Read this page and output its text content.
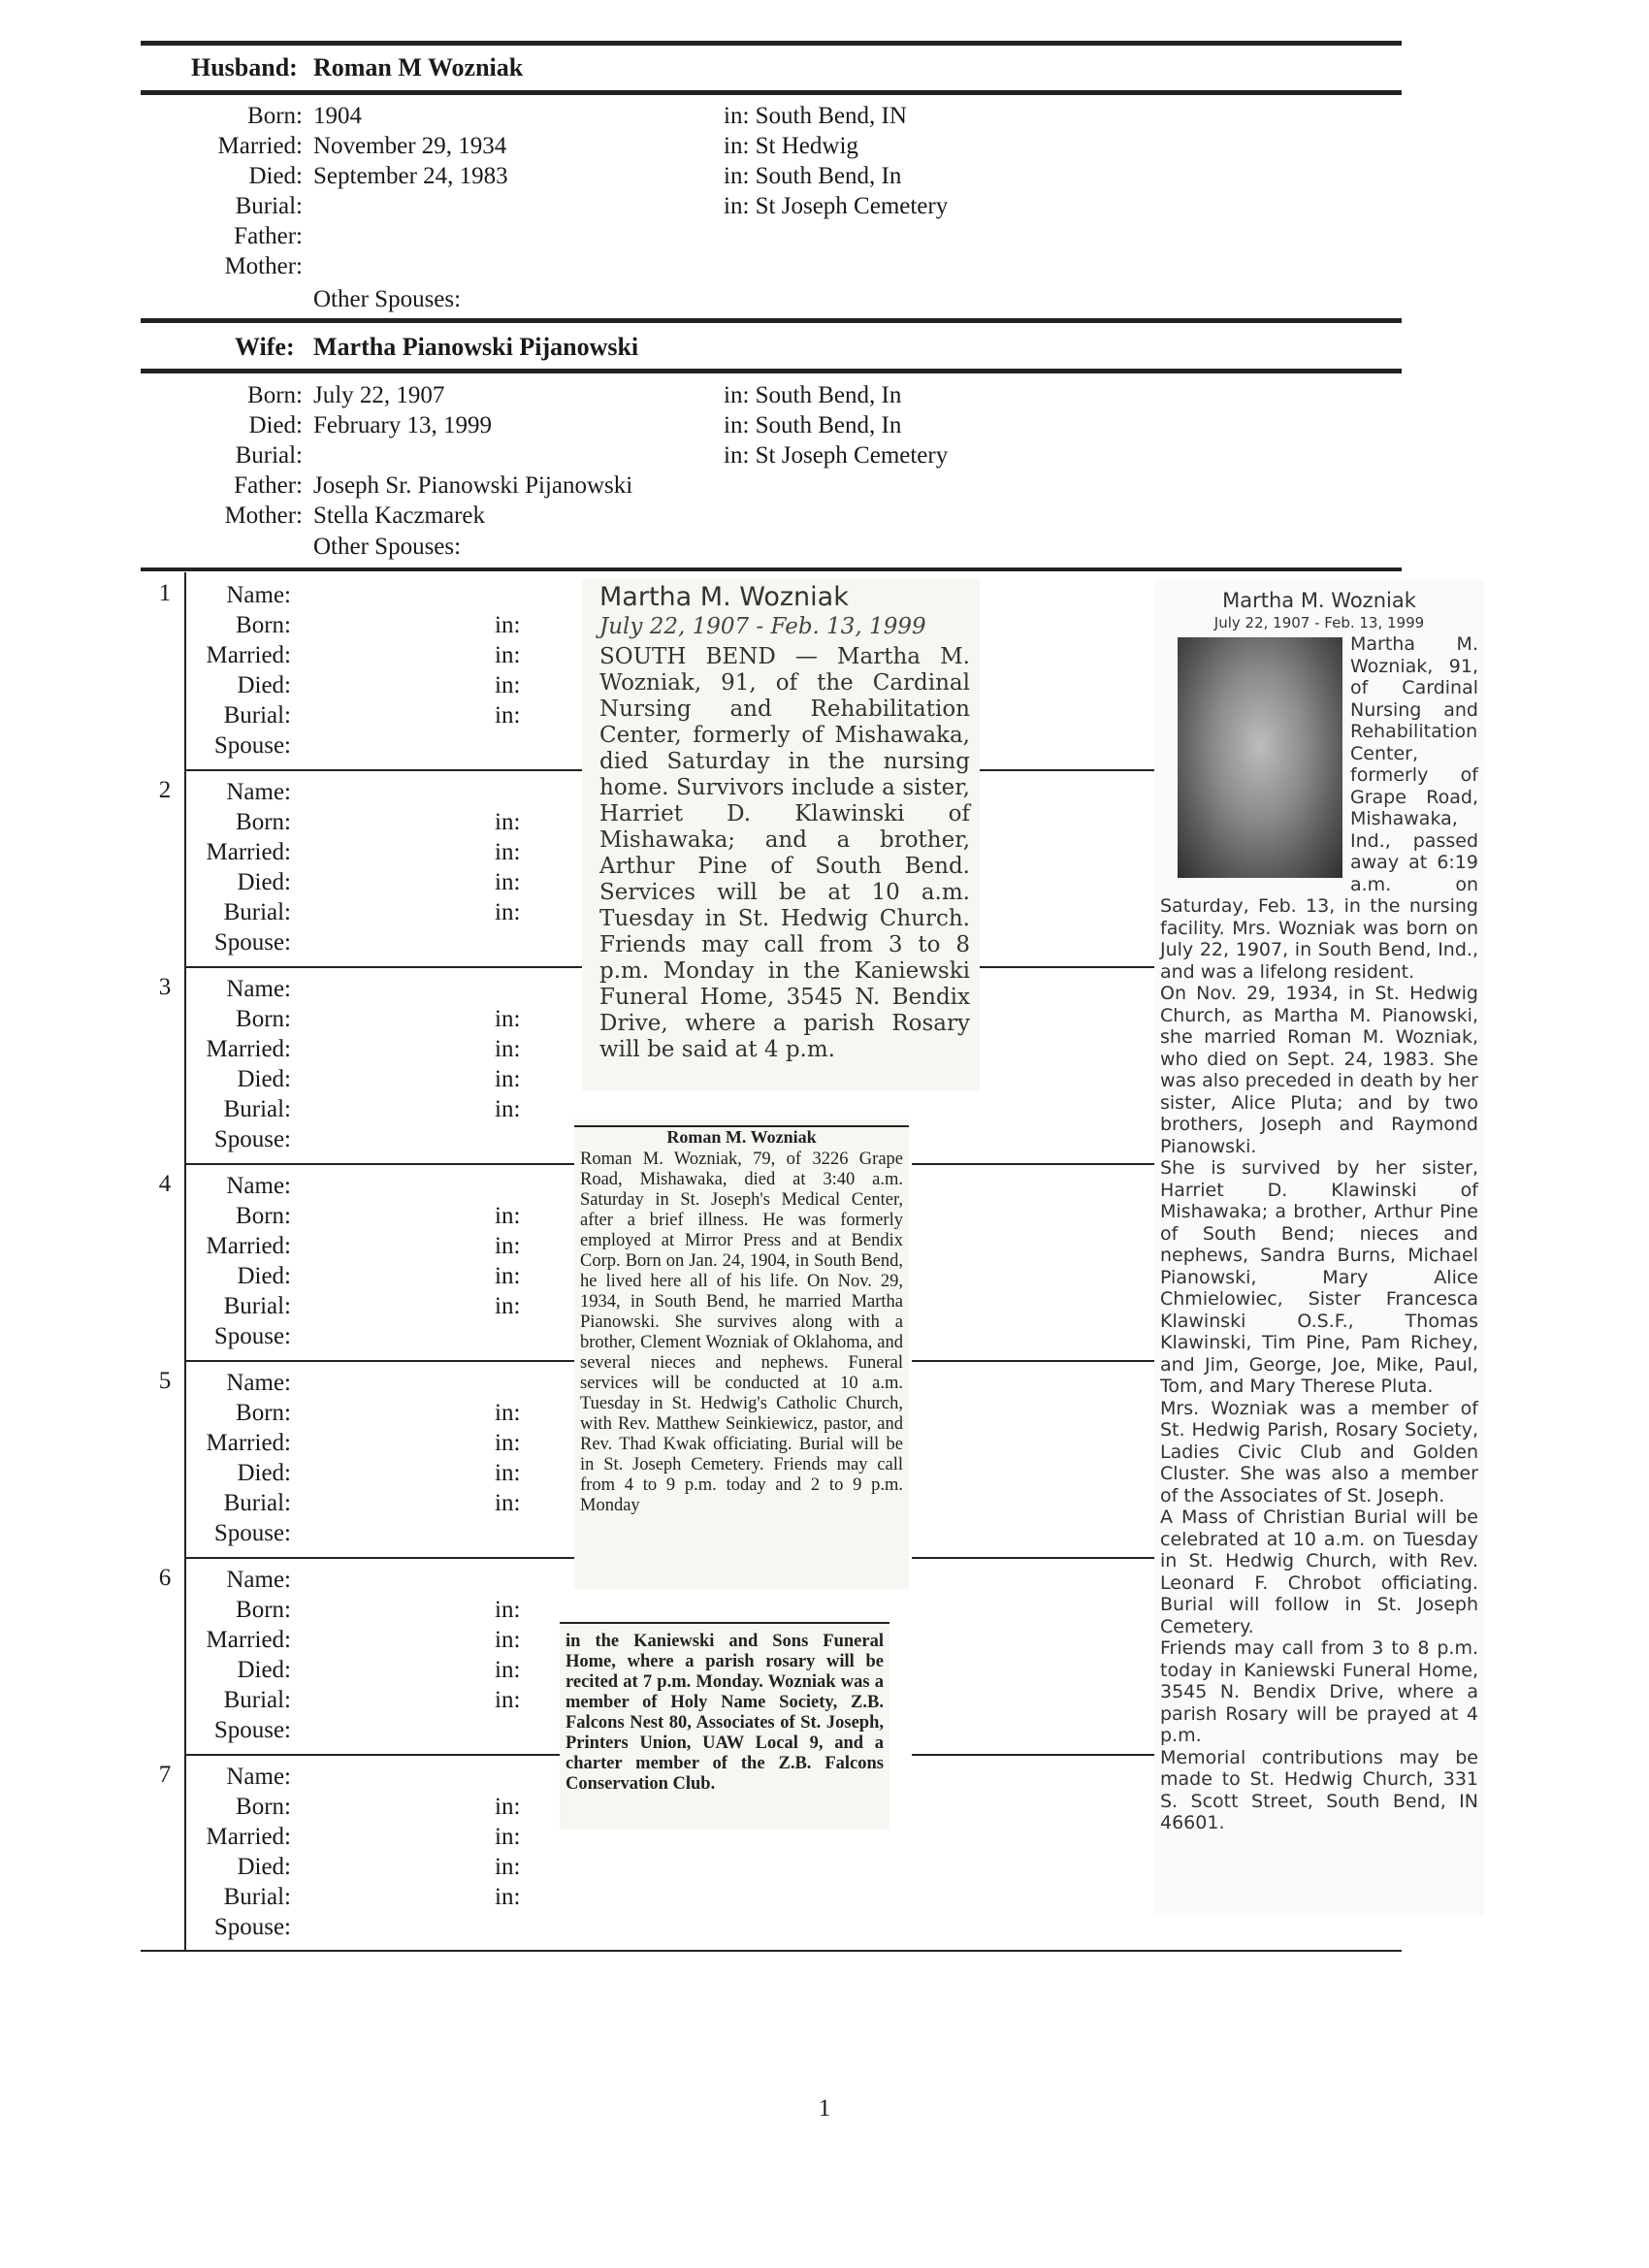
Husband: Roman M Wozniak
Born: 1904	in: South Bend, IN
Married: November 29, 1934	in: St Hedwig
Died: September 24, 1983	in: South Bend, In
Burial:	in: St Joseph Cemetery
Father:
Mother:
Other Spouses:
Wife: Martha Pianowski Pijanowski
Born: July 22, 1907	in: South Bend, In
Died: February 13, 1999	in: South Bend, In
Burial:	in: St Joseph Cemetery
Father: Joseph Sr. Pianowski Pijanowski
Mother: Stella Kaczmarek
Other Spouses:
1	Name:
Born:	in:
Married:	in:
Died:	in:
Burial:	in:
Spouse:
2	Name:
Born:	in:
Married:	in:
Died:	in:
Burial:	in:
Spouse:
3	Name:
Born:	in:
Married:	in:
Died:	in:
Burial:	in:
Spouse:
4	Name:
Born:	in:
Married:	in:
Died:	in:
Burial:	in:
Spouse:
5	Name:
Born:	in:
Married:	in:
Died:	in:
Burial:	in:
Spouse:
6	Name:
Born:	in:
Married:	in:
Died:	in:
Burial:	in:
Spouse:
7	Name:
Born:	in:
Married:	in:
Died:	in:
Burial:	in:
Spouse:
Martha M. Wozniak
July 22, 1907 - Feb. 13, 1999
SOUTH BEND — Martha M. Wozniak, 91, of the Cardinal Nursing and Rehabilitation Center, formerly of Mishawaka, died Saturday in the nursing home. Survivors include a sister, Harriet D. Klawinski of Mishawaka; and a brother, Arthur Pine of South Bend. Services will be at 10 a.m. Tuesday in St. Hedwig Church. Friends may call from 3 to 8 p.m. Monday in the Kaniewski Funeral Home, 3545 N. Bendix Drive, where a parish Rosary will be said at 4 p.m.
Roman M. Wozniak
Roman M. Wozniak, 79, of 3226 Grape Road, Mishawaka, died at 3:40 a.m. Saturday in St. Joseph's Medical Center, after a brief illness. He was formerly employed at Mirror Press and at Bendix Corp. Born on Jan. 24, 1904, in South Bend, he lived here all of his life. On Nov. 29, 1934, in South Bend, he married Martha Pianowski. She survives along with a brother, Clement Wozniak of Oklahoma, and several nieces and nephews. Funeral services will be conducted at 10 a.m. Tuesday in St. Hedwig's Catholic Church, with Rev. Matthew Seinkiewicz, pastor, and Rev. Thad Kwak officiating. Burial will be in St. Joseph Cemetery. Friends may call from 4 to 9 p.m. today and 2 to 9 p.m. Monday
in the Kaniewski and Sons Funeral Home, where a parish rosary will be recited at 7 p.m. Monday. Wozniak was a member of Holy Name Society, Z.B. Falcons Nest 80, Associates of St. Joseph, Printers Union, UAW Local 9, and a charter member of the Z.B. Falcons Conservation Club.
Martha M. Wozniak
July 22, 1907 - Feb. 13, 1999

Martha M. Wozniak, 91, of Cardinal Nursing and Rehabilitation Center, formerly of Grape Road, Mishawaka, Ind., passed away at 6:19 a.m. on Saturday, Feb. 13, in the nursing facility. Mrs. Wozniak was born on July 22, 1907, in South Bend, Ind., and was a lifelong resident.

On Nov. 29, 1934, in St. Hedwig Church, as Martha M. Pianowski, she married Roman M. Wozniak, who died on Sept. 24, 1983. She was also preceded in death by her sister, Alice Pluta; and by two brothers, Joseph and Raymond Pianowski.

She is survived by her sister, Harriet D. Klawinski of Mishawaka; a brother, Arthur Pine of South Bend; nieces and nephews, Sandra Burns, Michael Pianowski, Mary Alice Chmielowiec, Sister Francesca Klawinski O.S.F., Thomas Klawinski, Tim Pine, Pam Richey, and Jim, George, Joe, Mike, Paul, Tom, and Mary Therese Pluta.

Mrs. Wozniak was a member of St. Hedwig Parish, Rosary Society, Ladies Civic Club and Golden Cluster. She was also a member of the Associates of St. Joseph.

A Mass of Christian Burial will be celebrated at 10 a.m. on Tuesday in St. Hedwig Church, with Rev. Leonard F. Chrobot officiating. Burial will follow in St. Joseph Cemetery.

Friends may call from 3 to 8 p.m. today in Kaniewski Funeral Home, 3545 N. Bendix Drive, where a parish Rosary will be prayed at 4 p.m.

Memorial contributions may be made to St. Hedwig Church, 331 S. Scott Street, South Bend, IN 46601.

1
